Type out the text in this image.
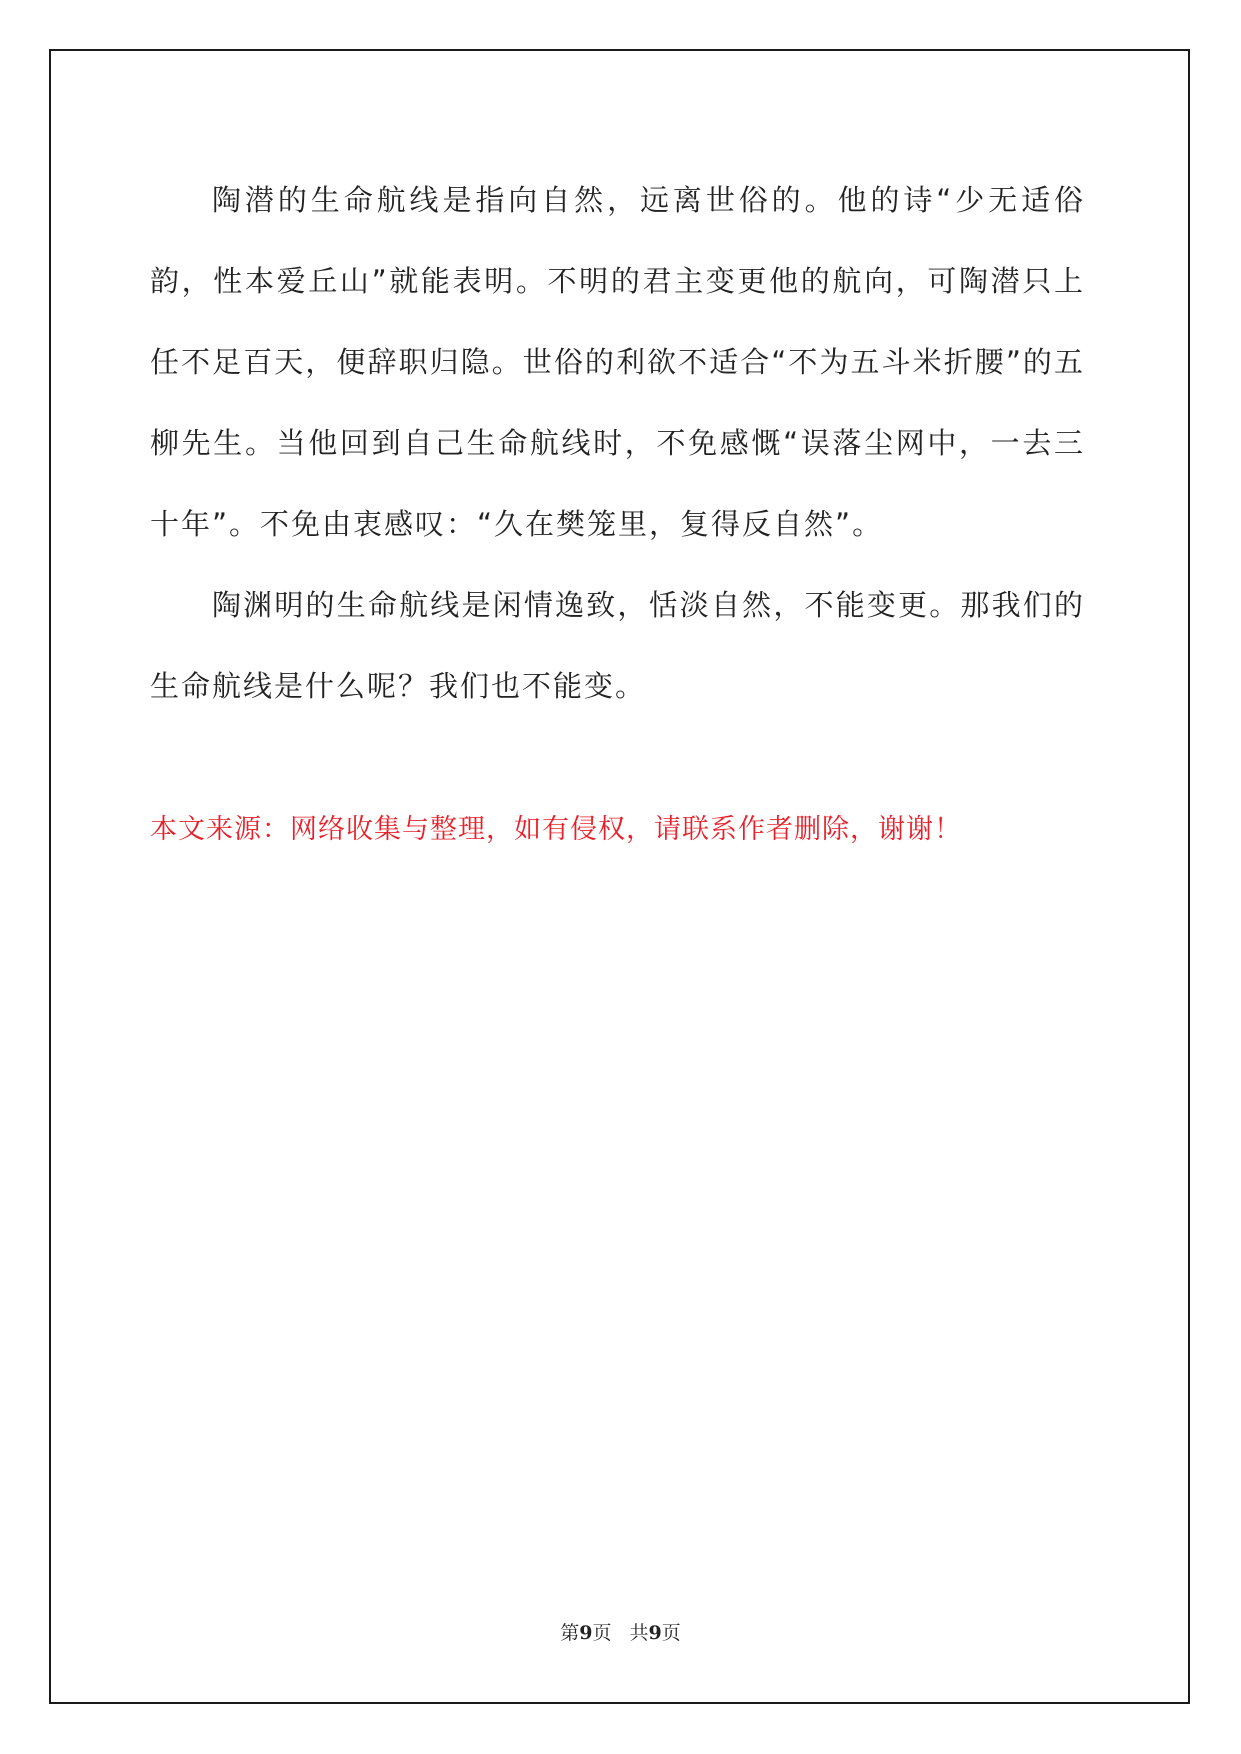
陶潜的生命航线是指向自然，远离世俗的。他的诗“少无适俗韵，性本爱丘山”就能表明。不明的君主变更他的航向，可陶潜只上任不足百天，便辞职归隐。世俗的利欲不适合“不为五斗米折腰”的五柳先生。当他回到自己生命航线时，不免感慨“误落尘网中，一去三十年”。不免由衷感叹：“久在樊笼里，复得反自然”。

陶渊明的生命航线是闲情逸致，恬淡自然，不能变更。那我们的生命航线是什么呢？我们也不能变。

本文来源：网络收集与整理，如有侵权，请联系作者删除，谢谢！

第9页 共9页
